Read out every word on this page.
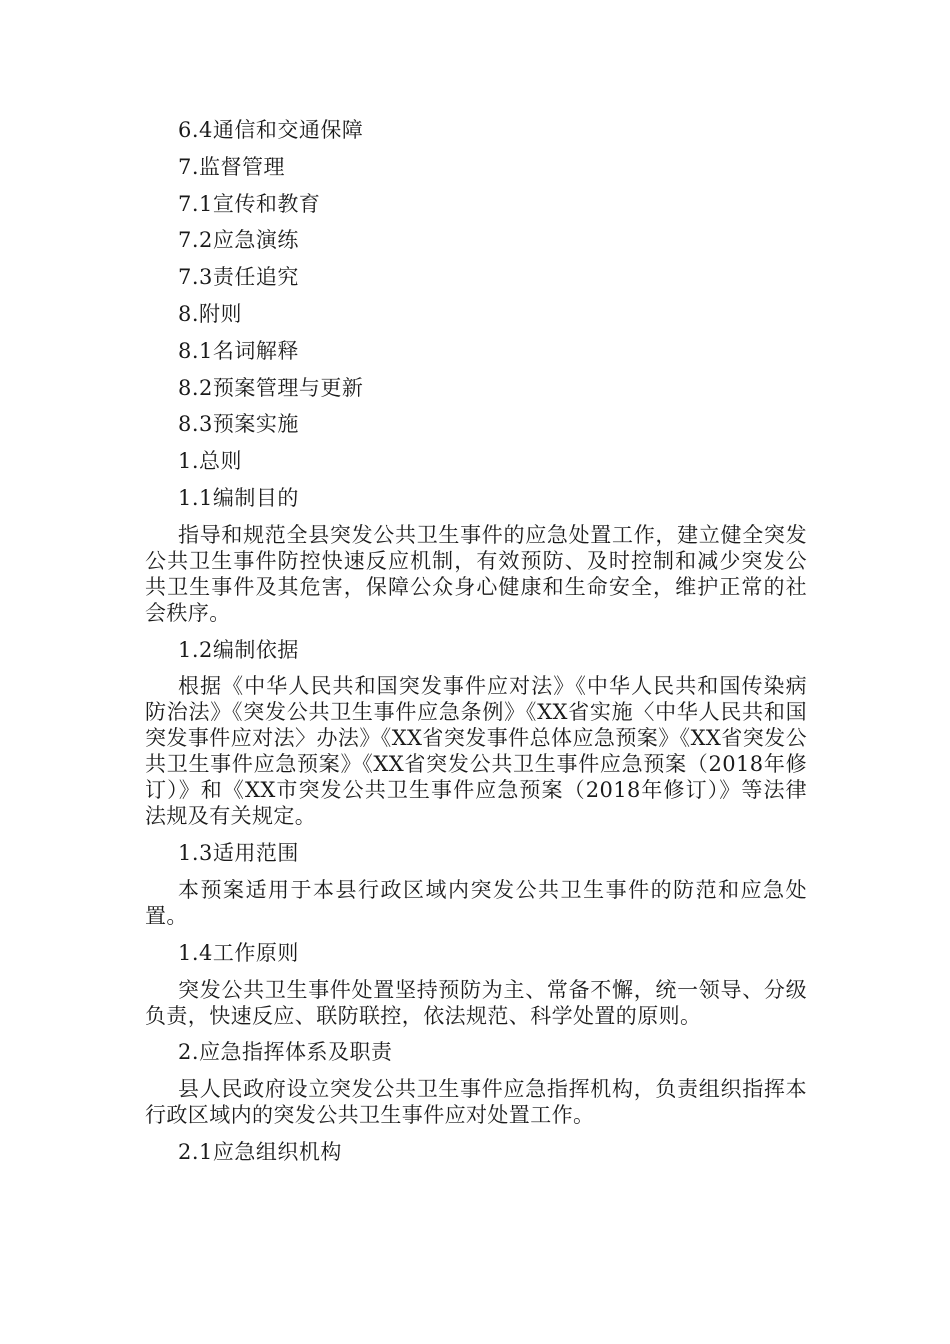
6.4通信和交通保障
7.监督管理
7.1宣传和教育
7.2应急演练
7.3责任追究
8.附则
8.1名词解释
8.2预案管理与更新
8.3预案实施
1.总则
1.1编制目的

指导和规范全县突发公共卫生事件的应急处置工作，建立健全突发公共卫生事件防控快速反应机制，有效预防、及时控制和减少突发公共卫生事件及其危害，保障公众身心健康和生命安全，维护正常的社会秩序。

1.2编制依据

根据《中华人民共和国突发事件应对法》《中华人民共和国传染病防治法》《突发公共卫生事件应急条例》《XX省实施〈中华人民共和国突发事件应对法〉办法》《XX省突发事件总体应急预案》《XX省突发公共卫生事件应急预案》《XX省突发公共卫生事件应急预案（2018年修订）》和《XX市突发公共卫生事件应急预案（2018年修订）》等法律法规及有关规定。

1.3适用范围

本预案适用于本县行政区域内突发公共卫生事件的防范和应急处置。

1.4工作原则

突发公共卫生事件处置坚持预防为主、常备不懈，统一领导、分级负责，快速反应、联防联控，依法规范、科学处置的原则。

2.应急指挥体系及职责

县人民政府设立突发公共卫生事件应急指挥机构，负责组织指挥本行政区域内的突发公共卫生事件应对处置工作。

2.1应急组织机构
